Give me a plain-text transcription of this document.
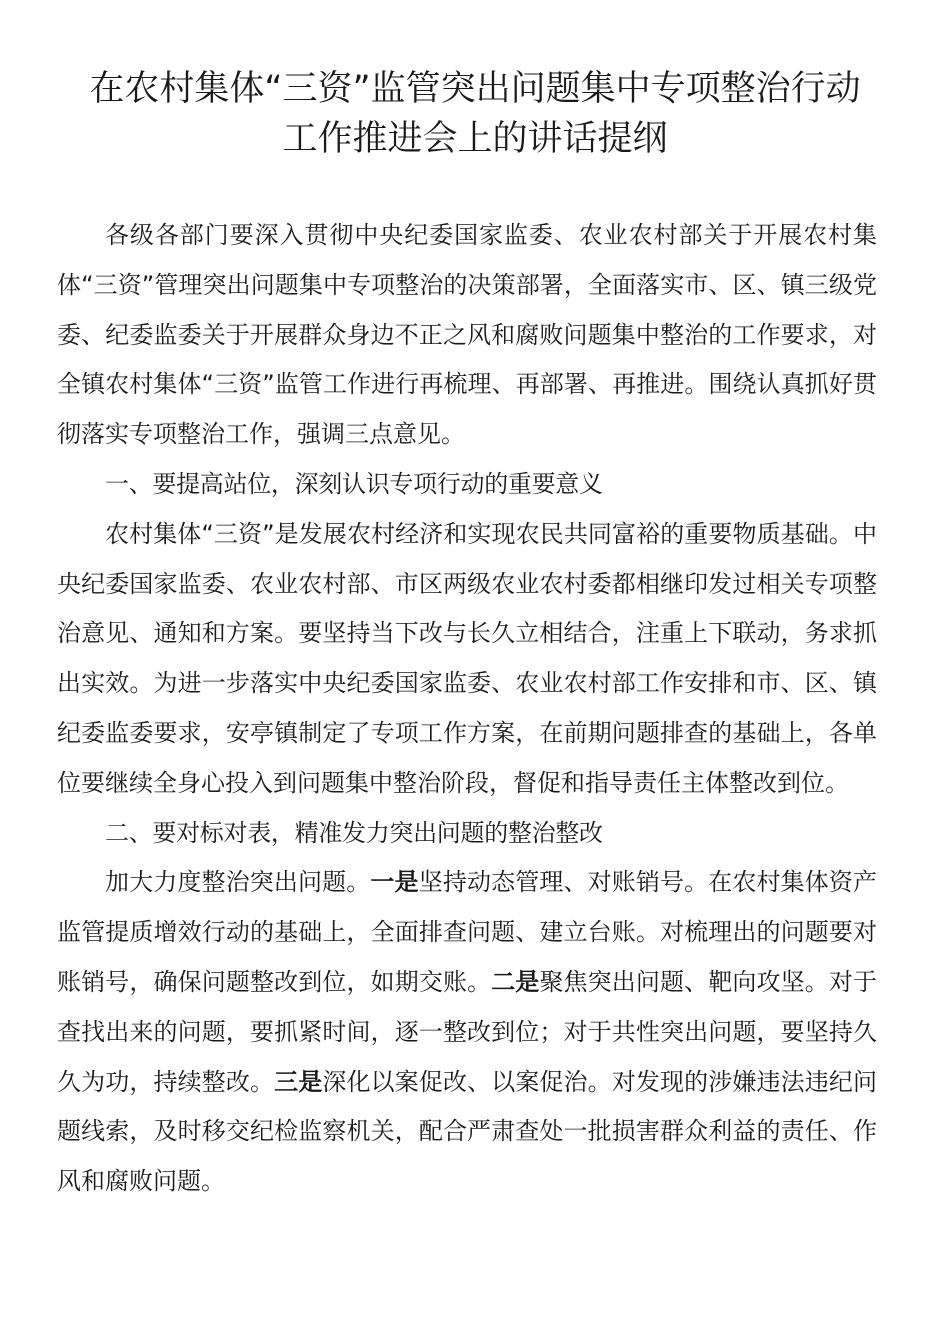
在农村集体“三资”监管突出问题集中专项整治行动
工作推进会上的讲话提纲

各级各部门要深入贯彻中央纪委国家监委、农业农村部关于开展农村集体“三资”管理突出问题集中专项整治的决策部署，全面落实市、区、镇三级党委、纪委监委关于开展群众身边不正之风和腐败问题集中整治的工作要求，对全镇农村集体“三资”监管工作进行再梳理、再部署、再推进。围绕认真抓好贯彻落实专项整治工作，强调三点意见。

一、要提高站位，深刻认识专项行动的重要意义

农村集体“三资”是发展农村经济和实现农民共同富裕的重要物质基础。中央纪委国家监委、农业农村部、市区两级农业农村委都相继印发过相关专项整治意见、通知和方案。要坚持当下改与长久立相结合，注重上下联动，务求抓出实效。为进一步落实中央纪委国家监委、农业农村部工作安排和市、区、镇纪委监委要求，安亭镇制定了专项工作方案，在前期问题排查的基础上，各单位要继续全身心投入到问题集中整治阶段，督促和指导责任主体整改到位。

二、要对标对表，精准发力突出问题的整治整改

加大力度整治突出问题。一是坚持动态管理、对账销号。在农村集体资产监管提质增效行动的基础上，全面排查问题、建立台账。对梳理出的问题要对账销号，确保问题整改到位，如期交账。二是聚焦突出问题、靶向攻坚。对于查找出来的问题，要抓紧时间，逐一整改到位；对于共性突出问题，要坚持久久为功，持续整改。三是深化以案促改、以案促治。对发现的涉嫌违法违纪问题线索，及时移交纪检监察机关，配合严肃查处一批损害群众利益的责任、作风和腐败问题。
